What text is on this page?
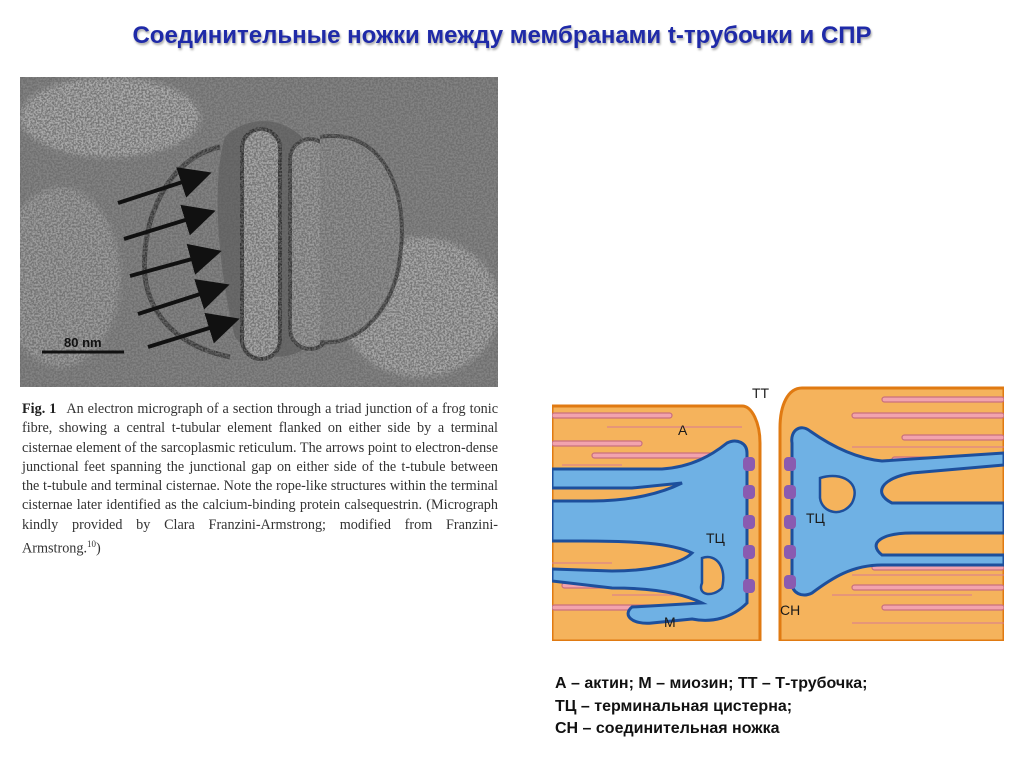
Соединительные ножки между мембранами t-трубочки и СПР
80 nm
Fig. 1 An electron micrograph of a section through a triad junction of a frog tonic fibre, showing a central t-tubular element flanked on either side by a terminal cisternae element of the sarcoplasmic reticulum. The arrows point to electron-dense junctional feet spanning the junctional gap on either side of the t-tubule between the t-tubule and terminal cisternae. Note the rope-like structures within the terminal cisternae later identified as the calcium-binding protein calsequestrin. (Micrograph kindly provided by Clara Franzini-Armstrong; modified from Franzini-Armstrong.$^{10}$)
ТТ
А
ТЦ
ТЦ
М
СН
А – актин; М – миозин; ТТ – Т-трубочка;
ТЦ – терминальная цистерна;
СН – соединительная ножка
